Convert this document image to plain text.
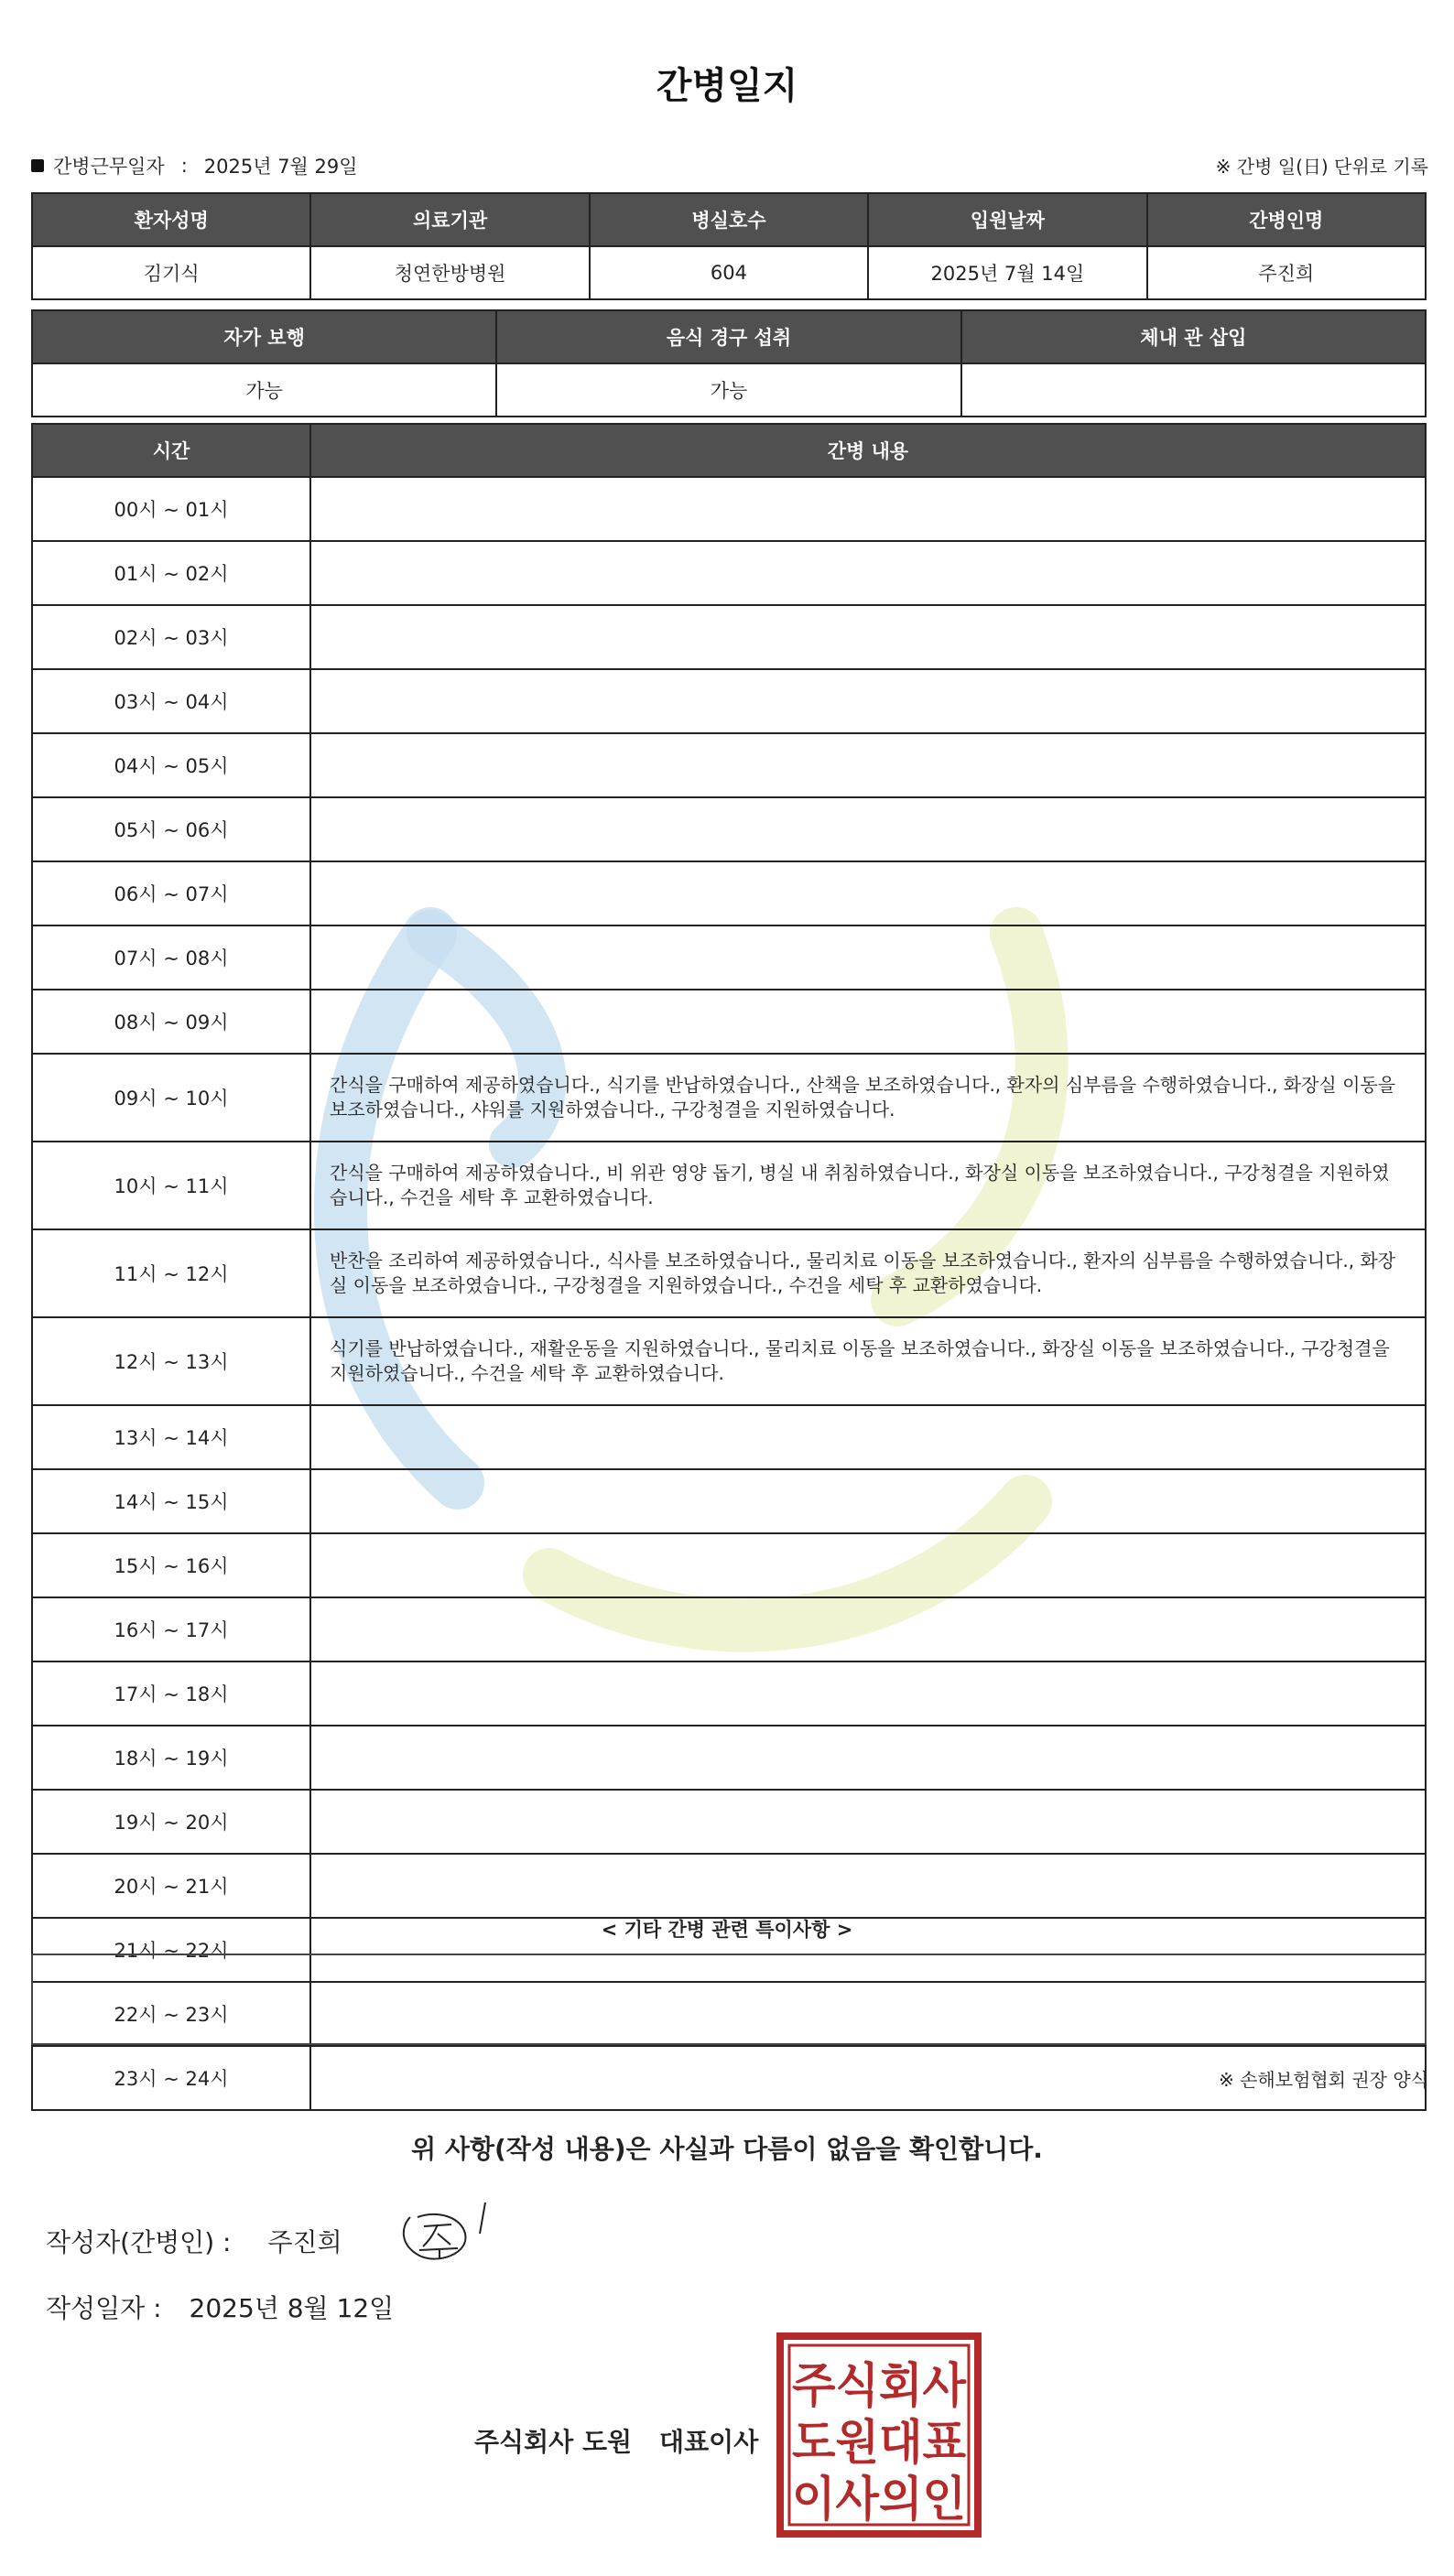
간병일지
간병근무일자 : 2025년 7월 29일	※ 간병 일(日) 단위로 기록
환자성명	의료기관	병실호수	입원날짜	간병인명
김기식	청연한방병원	604	2025년 7월 14일	주진희
자가 보행	음식 경구 섭취	체내 관 삽입
가능	가능	
시간	간병 내용
00시 ~ 01시	
01시 ~ 02시	
02시 ~ 03시	
03시 ~ 04시	
04시 ~ 05시	
05시 ~ 06시	
06시 ~ 07시	
07시 ~ 08시	
08시 ~ 09시	
09시 ~ 10시	간식을 구매하여 제공하였습니다., 식기를 반납하였습니다., 산책을 보조하였습니다., 환자의 심부름을 수행하였습니다., 화장실 이동을 보조하였습니다., 샤워를 지원하였습니다., 구강청결을 지원하였습니다.
10시 ~ 11시	간식을 구매하여 제공하였습니다., 비 위관 영양 돕기, 병실 내 취침하였습니다., 화장실 이동을 보조하였습니다., 구강청결을 지원하였습니다., 수건을 세탁 후 교환하였습니다.
11시 ~ 12시	반찬을 조리하여 제공하였습니다., 식사를 보조하였습니다., 물리치료 이동을 보조하였습니다., 환자의 심부름을 수행하였습니다., 화장실 이동을 보조하였습니다., 구강청결을 지원하였습니다., 수건을 세탁 후 교환하였습니다.
12시 ~ 13시	식기를 반납하였습니다., 재활운동을 지원하였습니다., 물리치료 이동을 보조하였습니다., 화장실 이동을 보조하였습니다., 구강청결을 지원하였습니다., 수건을 세탁 후 교환하였습니다.
13시 ~ 14시	
14시 ~ 15시	
15시 ~ 16시	
16시 ~ 17시	
17시 ~ 18시	
18시 ~ 19시	
19시 ~ 20시	
20시 ~ 21시	
21시 ~ 22시	
22시 ~ 23시	
23시 ~ 24시	
< 기타 간병 관련 특이사항 >
※ 손해보험협회 권장 양식
위 사항(작성 내용)은 사실과 다름이 없음을 확인합니다.
작성자(간병인) : 주진희
작성일자 : 2025년 8월 12일
주식회사 도원 대표이사
주식회사
도원대표
이사의인
